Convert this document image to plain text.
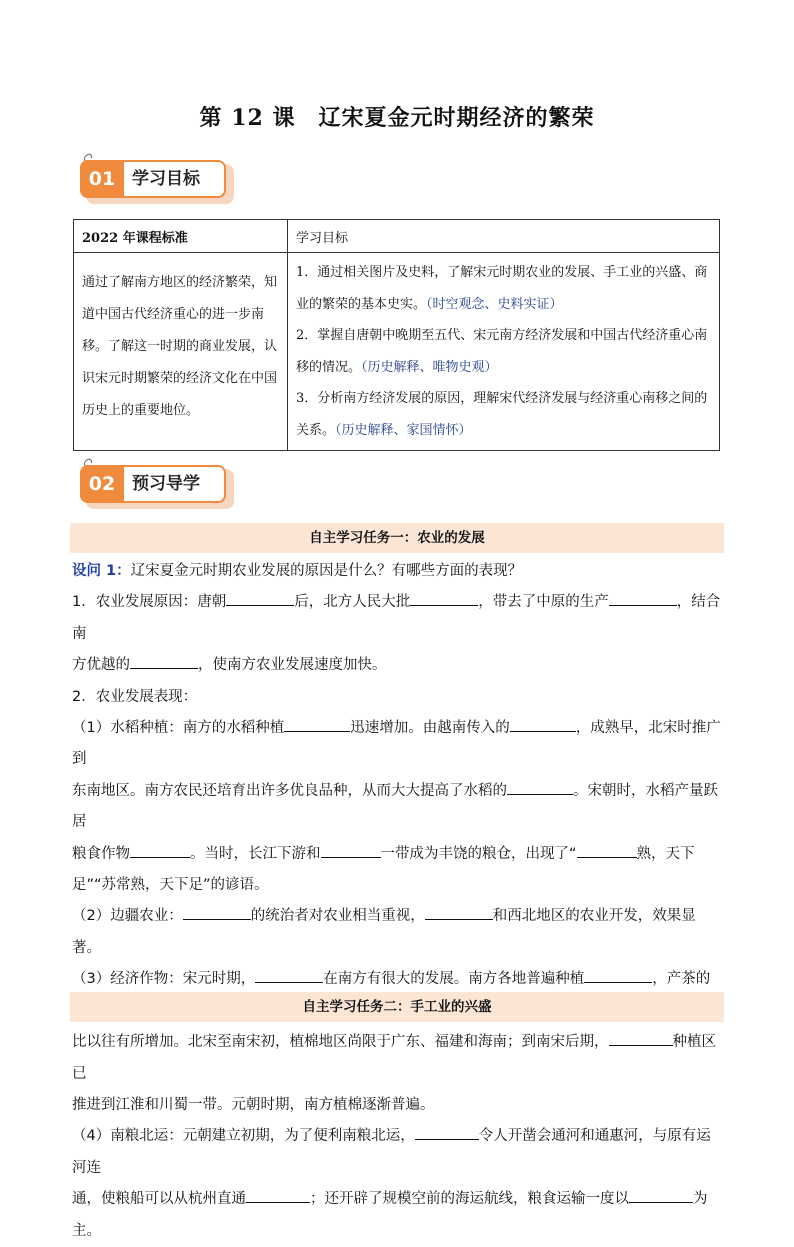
第 12 课　辽宋夏金元时期经济的繁荣
01 学习目标
2022 年课程标准	学习目标
通过了解南方地区的经济繁荣，知道中国古代经济重心的进一步南移。了解这一时期的商业发展，认识宋元时期繁荣的经济文化在中国历史上的重要地位。	1．通过相关图片及史料，了解宋元时期农业的发展、手工业的兴盛、商业的繁荣的基本史实。（时空观念、史料实证）
2．掌握自唐朝中晚期至五代、宋元南方经济发展和中国古代经济重心南移的情况。（历史解释、唯物史观）
3．分析南方经济发展的原因，理解宋代经济发展与经济重心南移之间的关系。（历史解释、家国情怀）
02 预习导学
自主学习任务一：农业的发展

设问 1：辽宋夏金元时期农业发展的原因是什么？有哪些方面的表现？

1．农业发展原因：唐朝	后，北方人民大批	，带去了中原的生产	，结合南

方优越的	，使南方农业发展速度加快。

2．农业发展表现：

（1）水稻种植：南方的水稻种植	迅速增加。由越南传入的	，成熟早，北宋时推广到

东南地区。南方农民还培育出许多优良品种，从而大大提高了水稻的	。宋朝时，水稻产量跃居

粮食作物	。当时，长江下游和	一带成为丰饶的粮仓，出现了“	熟，天下

足”“苏常熟，天下足”的谚语。

（2）边疆农业：	的统治者对农业相当重视，	和西北地区的农业开发，效果显著。

（3）经济作物：宋元时期，	在南方有很大的发展。南方各地普遍种植	，产茶的

比以往有所增加。北宋至南宋初，植棉地区尚限于广东、福建和海南；到南宋后期，	种植区已

推进到江淮和川蜀一带。元朝时期，南方植棉逐渐普遍。

（4）南粮北运：元朝建立初期，为了便利南粮北运，	令人开凿会通河和通惠河，与原有运河连

通，使粮船可以从杭州直通	；还开辟了规模空前的海运航线，粮食运输一度以	为主。

自主学习任务二：手工业的兴盛
